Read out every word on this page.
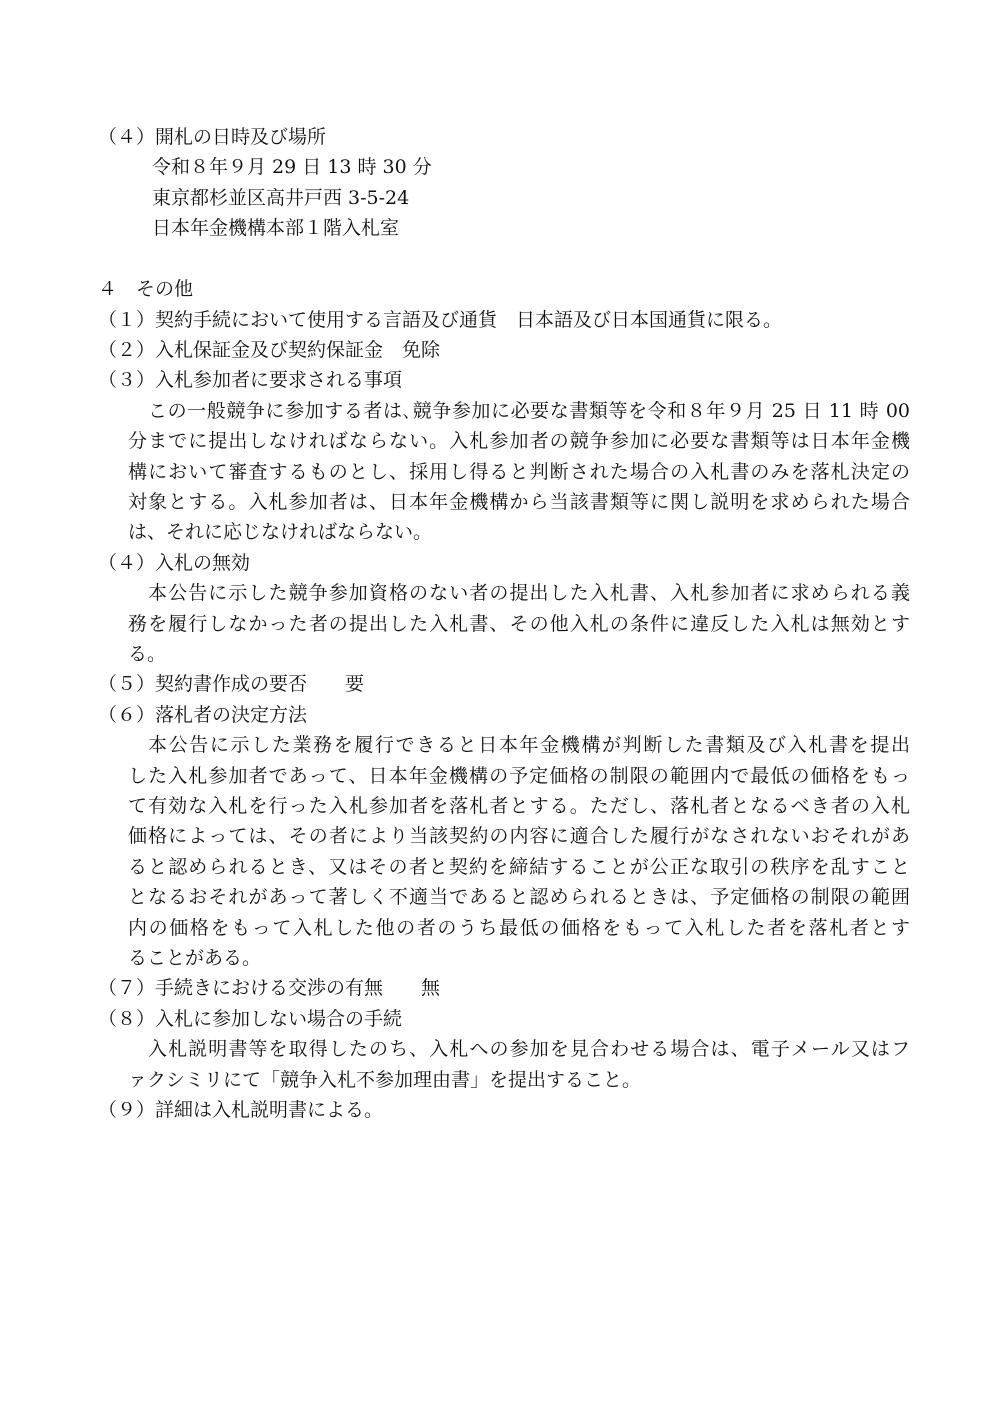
（４）開札の日時及び場所
令和８年９月 29 日 13 時 30 分
東京都杉並区高井戸西 3-5-24
日本年金機構本部１階入札室
４　その他
（１）契約手続において使用する言語及び通貨　日本語及び日本国通貨に限る。
（２）入札保証金及び契約保証金　免除
（３）入札参加者に要求される事項
この一般競争に参加する者は､競争参加に必要な書類等を令和８年９月 25 日 11 時 00
分までに提出しなければならない。入札参加者の競争参加に必要な書類等は日本年金機
構において審査するものとし、採用し得ると判断された場合の入札書のみを落札決定の
対象とする。入札参加者は、日本年金機構から当該書類等に関し説明を求められた場合
は、それに応じなければならない。
（４）入札の無効
本公告に示した競争参加資格のない者の提出した入札書、入札参加者に求められる義
務を履行しなかった者の提出した入札書、その他入札の条件に違反した入札は無効とす
る。
（５）契約書作成の要否　　要
（６）落札者の決定方法
本公告に示した業務を履行できると日本年金機構が判断した書類及び入札書を提出
した入札参加者であって、日本年金機構の予定価格の制限の範囲内で最低の価格をもっ
て有効な入札を行った入札参加者を落札者とする。ただし、落札者となるべき者の入札
価格によっては、その者により当該契約の内容に適合した履行がなされないおそれがあ
ると認められるとき、又はその者と契約を締結することが公正な取引の秩序を乱すこと
となるおそれがあって著しく不適当であると認められるときは、予定価格の制限の範囲
内の価格をもって入札した他の者のうち最低の価格をもって入札した者を落札者とす
ることがある。
（７）手続きにおける交渉の有無　　無
（８）入札に参加しない場合の手続
入札説明書等を取得したのち、入札への参加を見合わせる場合は、電子メール又はフ
ァクシミリにて「競争入札不参加理由書」を提出すること。
（９）詳細は入札説明書による。
